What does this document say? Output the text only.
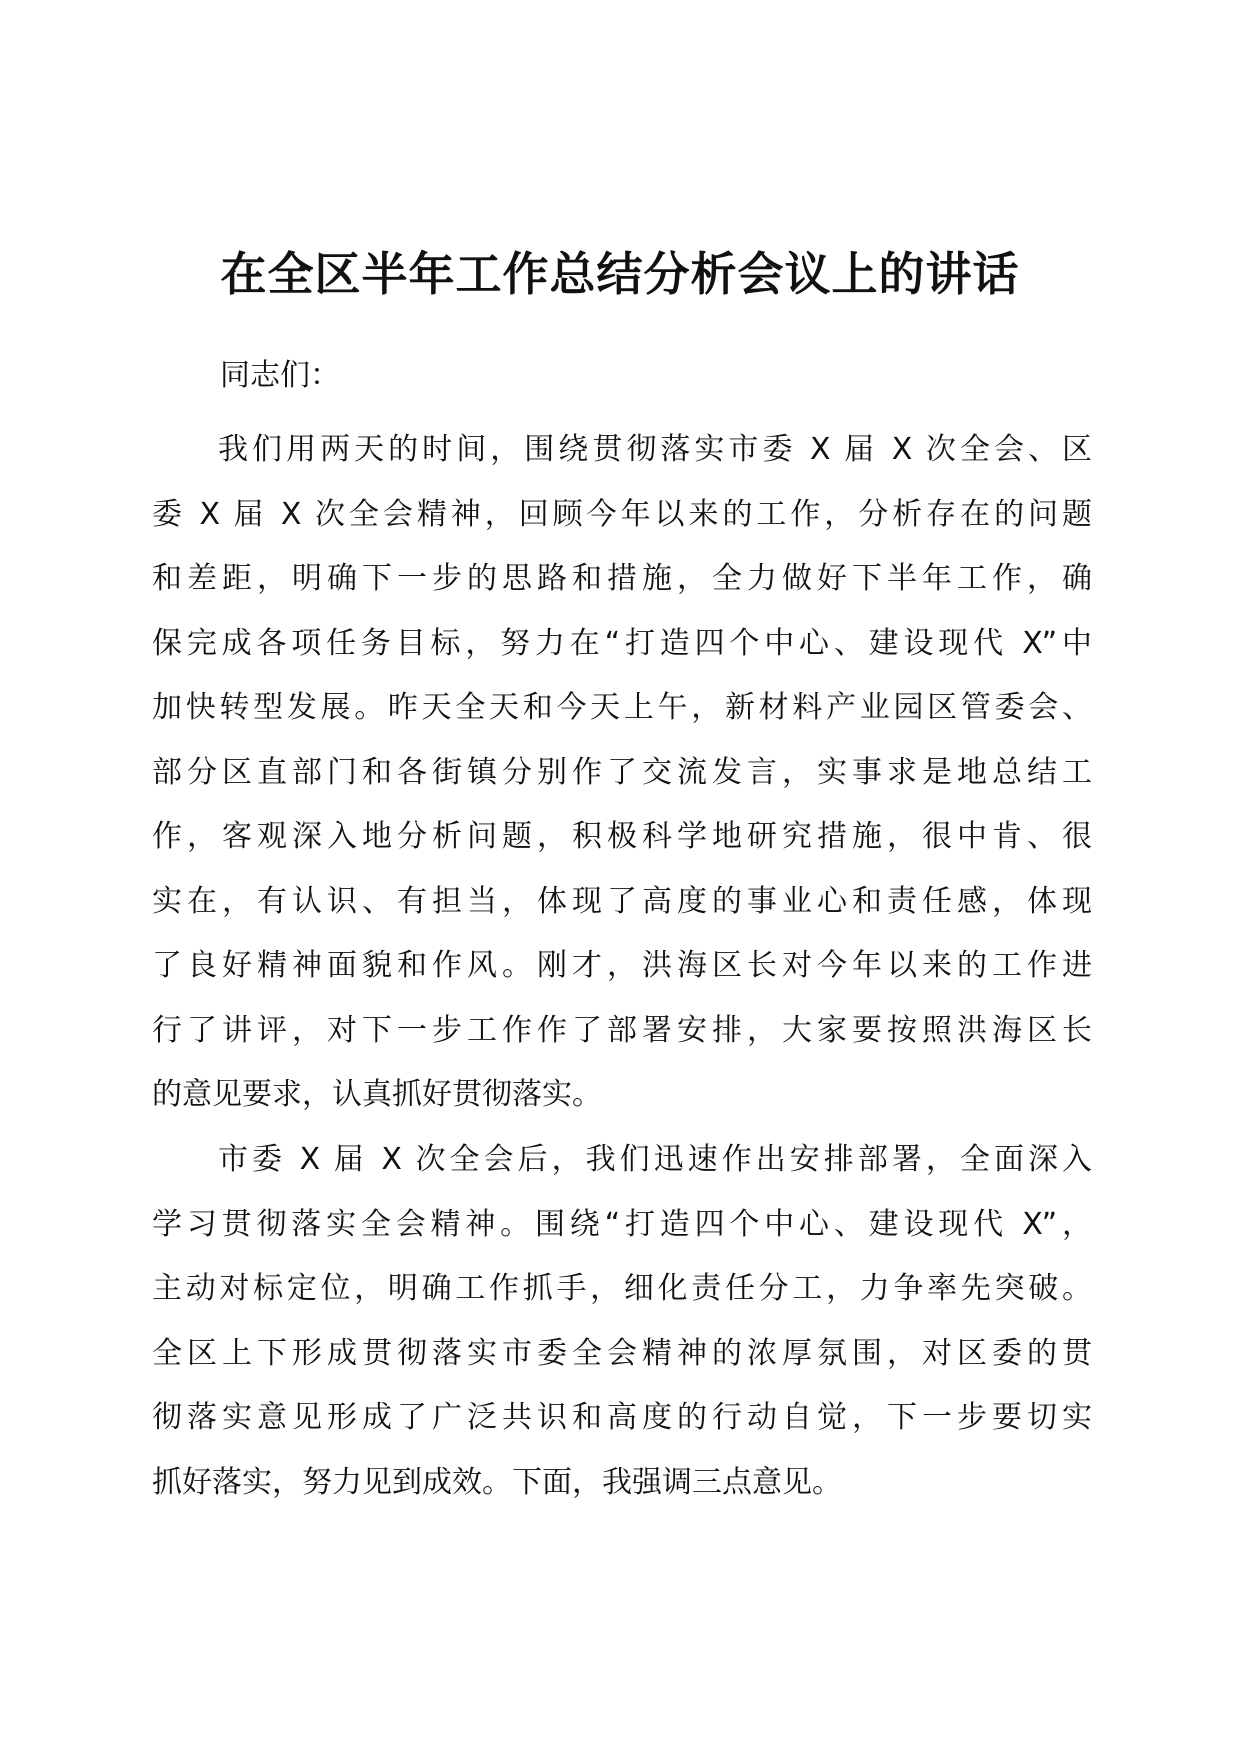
在全区半年工作总结分析会议上的讲话

同志们：

我们用两天的时间，围绕贯彻落实市委 X 届 X 次全会、区
委 X 届 X 次全会精神，回顾今年以来的工作，分析存在的问题
和差距，明确下一步的思路和措施，全力做好下半年工作，确
保完成各项任务目标，努力在“打造四个中心、建设现代 X”中
加快转型发展。昨天全天和今天上午，新材料产业园区管委会、
部分区直部门和各街镇分别作了交流发言，实事求是地总结工
作，客观深入地分析问题，积极科学地研究措施，很中肯、很
实在，有认识、有担当，体现了高度的事业心和责任感，体现
了良好精神面貌和作风。刚才，洪海区长对今年以来的工作进
行了讲评，对下一步工作作了部署安排，大家要按照洪海区长
的意见要求，认真抓好贯彻落实。
市委 X 届 X 次全会后，我们迅速作出安排部署，全面深入
学习贯彻落实全会精神。围绕“打造四个中心、建设现代 X”，
主动对标定位，明确工作抓手，细化责任分工，力争率先突破。
全区上下形成贯彻落实市委全会精神的浓厚氛围，对区委的贯
彻落实意见形成了广泛共识和高度的行动自觉，下一步要切实
抓好落实，努力见到成效。下面，我强调三点意见。
